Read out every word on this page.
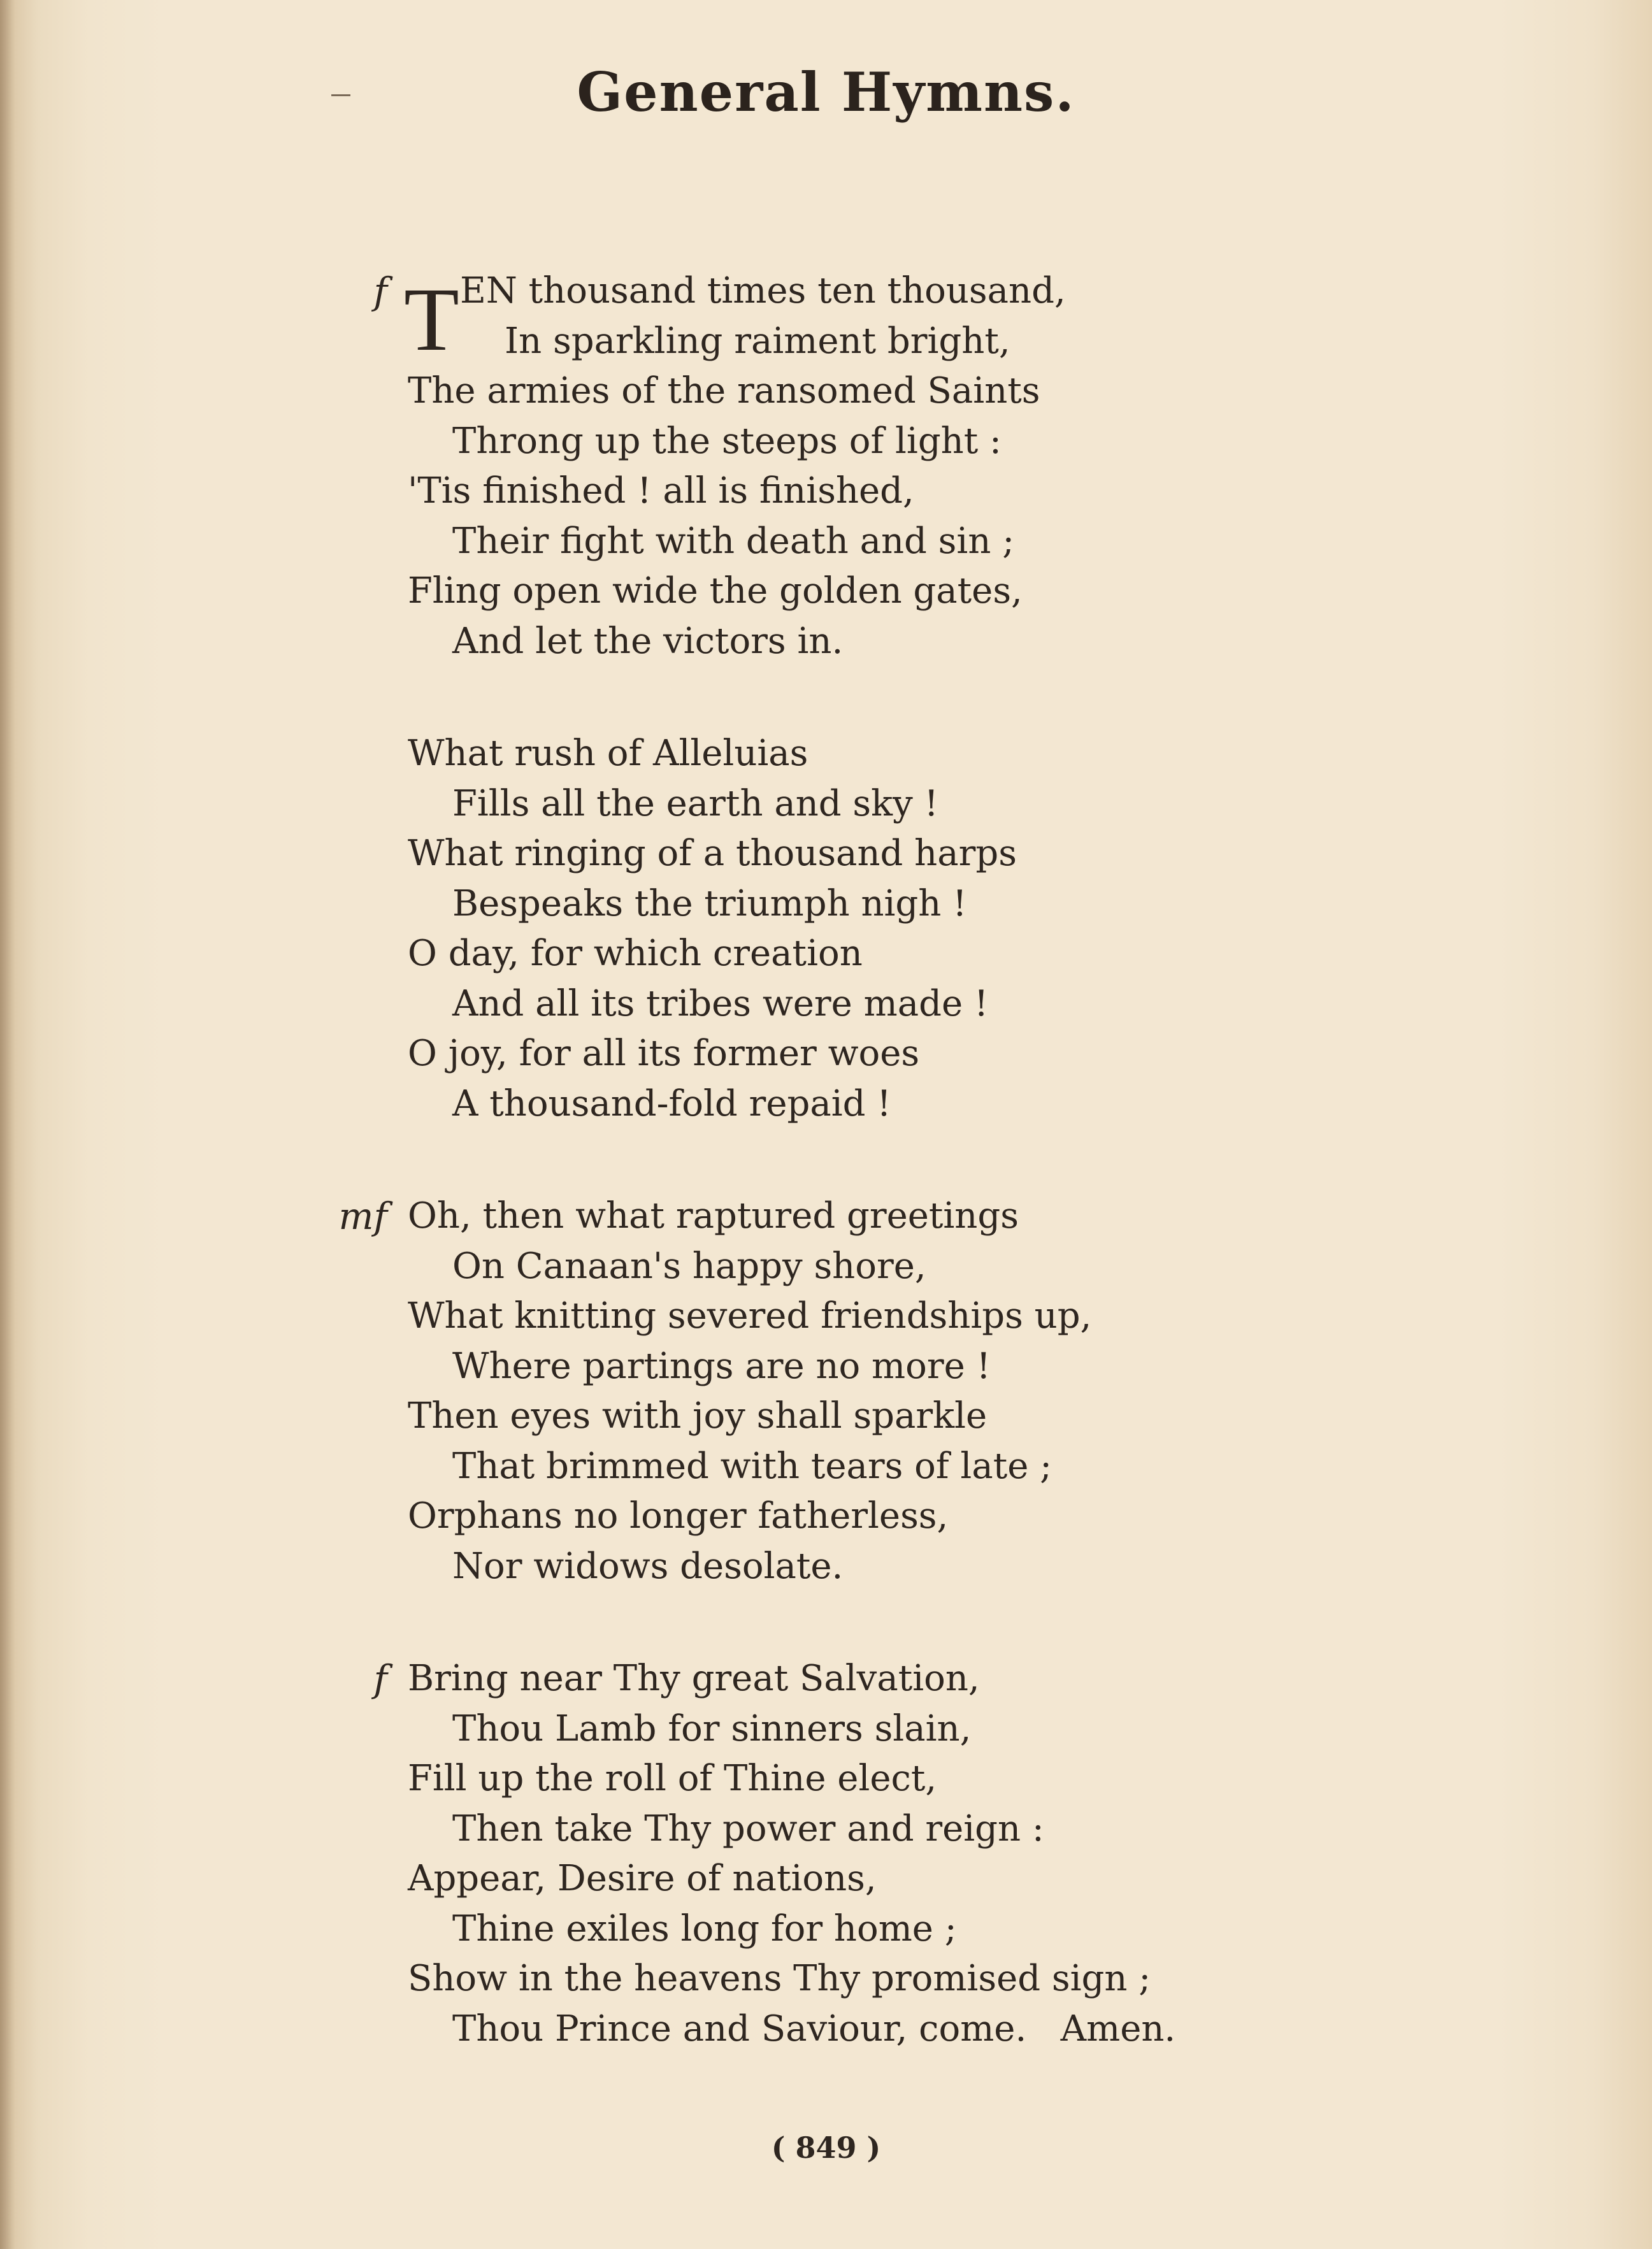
General Hymns.
f T EN thousand times ten thousand,
In sparkling raiment bright,
The armies of the ransomed Saints
Throng up the steeps of light :
'Tis finished ! all is finished,
Their fight with death and sin ;
Fling open wide the golden gates,
And let the victors in.
What rush of Alleluias
Fills all the earth and sky !
What ringing of a thousand harps
Bespeaks the triumph nigh !
O day, for which creation
And all its tribes were made !
O joy, for all its former woes
A thousand-fold repaid !
mf Oh, then what raptured greetings
On Canaan's happy shore,
What knitting severed friendships up,
Where partings are no more !
Then eyes with joy shall sparkle
That brimmed with tears of late ;
Orphans no longer fatherless,
Nor widows desolate.
f Bring near Thy great Salvation,
Thou Lamb for sinners slain,
Fill up the roll of Thine elect,
Then take Thy power and reign :
Appear, Desire of nations,
Thine exiles long for home ;
Show in the heavens Thy promised sign ;
Thou Prince and Saviour, come.   Amen.
( 849 )
